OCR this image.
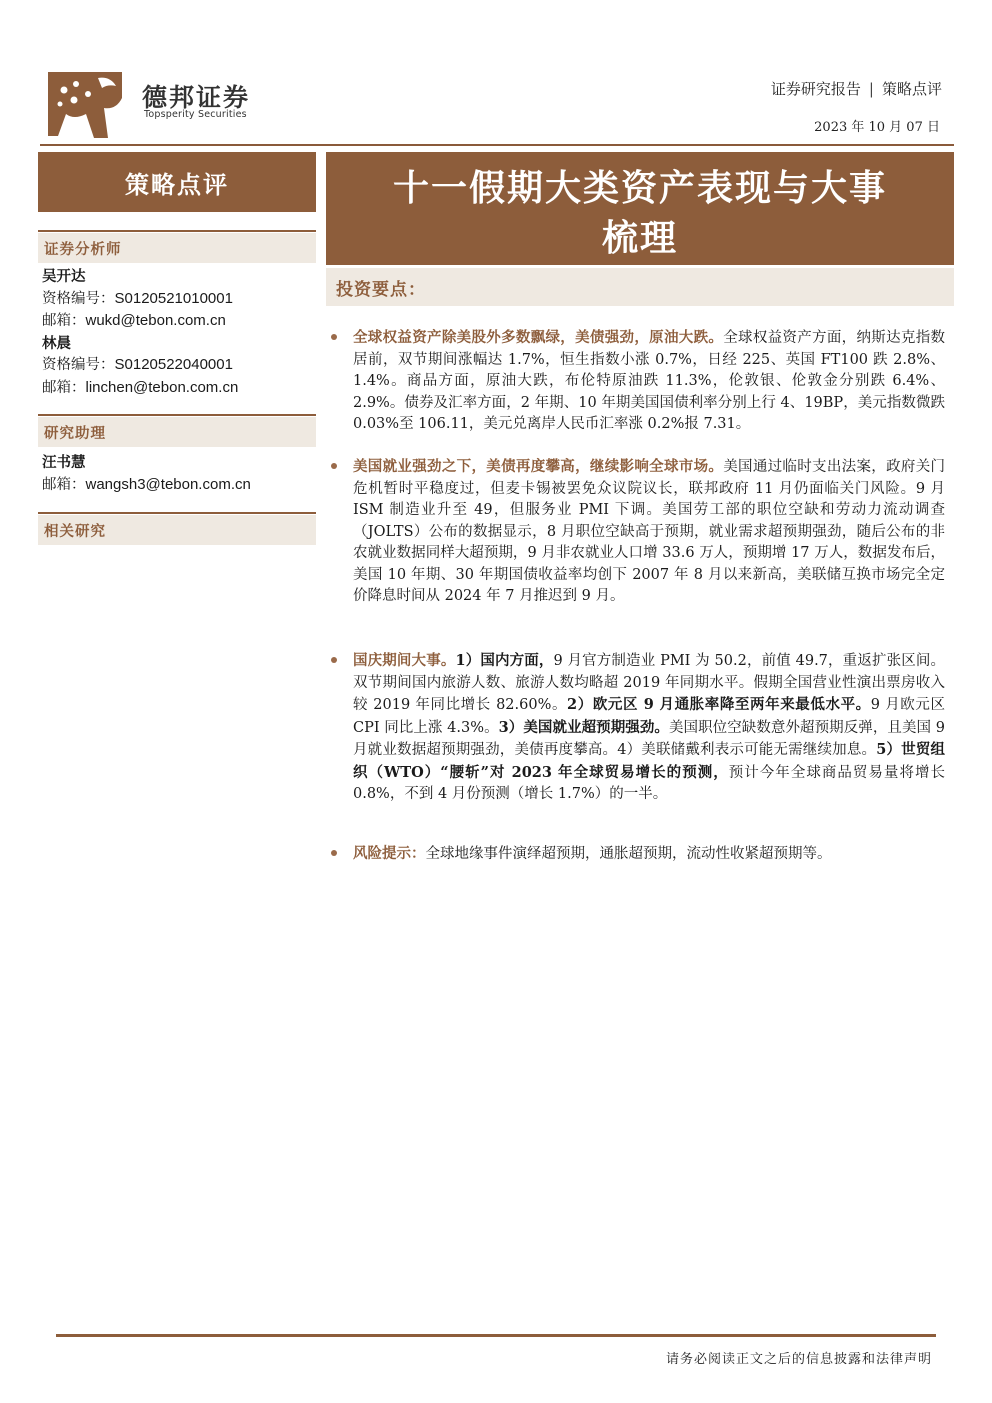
德邦证券
Topsperity Securities
证券研究报告 | 策略点评
2023 年 10 月 07 日
策略点评
证券分析师
吴开达
资格编号：S0120521010001
邮箱：wukd@tebon.com.cn
林晨
资格编号：S0120522040001
邮箱：linchen@tebon.com.cn
研究助理
汪书慧
邮箱：wangsh3@tebon.com.cn
相关研究
十一假期大类资产表现与大事
梳理
投资要点：
全球权益资产除美股外多数飘绿，美债强劲，原油大跌。全球权益资产方面，纳斯达克指数居前，双节期间涨幅达 1.7%，恒生指数小涨 0.7%，日经 225、英国 FT100 跌 2.8%、1.4%。商品方面，原油大跌，布伦特原油跌 11.3%，伦敦银、伦敦金分别跌 6.4%、2.9%。债券及汇率方面，2 年期、10 年期美国国债利率分别上行 4、19BP，美元指数微跌 0.03%至 106.11，美元兑离岸人民币汇率涨 0.2%报 7.31。
美国就业强劲之下，美债再度攀高，继续影响全球市场。美国通过临时支出法案，政府关门危机暂时平稳度过，但麦卡锡被罢免众议院议长，联邦政府 11 月仍面临关门风险。9 月 ISM 制造业升至 49，但服务业 PMI 下调。美国劳工部的职位空缺和劳动力流动调查（JOLTS）公布的数据显示，8 月职位空缺高于预期，就业需求超预期强劲，随后公布的非农就业数据同样大超预期，9 月非农就业人口增 33.6 万人，预期增 17 万人，数据发布后，美国 10 年期、30 年期国债收益率均创下 2007 年 8 月以来新高，美联储互换市场完全定价降息时间从 2024 年 7 月推迟到 9 月。
国庆期间大事。1）国内方面，9 月官方制造业 PMI 为 50.2，前值 49.7，重返扩张区间。双节期间国内旅游人数、旅游人数均略超 2019 年同期水平。假期全国营业性演出票房收入较 2019 年同比增长 82.60%。2）欧元区 9 月通胀率降至两年来最低水平。9 月欧元区 CPI 同比上涨 4.3%。3）美国就业超预期强劲。美国职位空缺数意外超预期反弹，且美国 9 月就业数据超预期强劲，美债再度攀高。4）美联储戴利表示可能无需继续加息。5）世贸组织（WTO）“腰斩”对 2023 年全球贸易增长的预测，预计今年全球商品贸易量将增长 0.8%，不到 4 月份预测（增长 1.7%）的一半。
风险提示：全球地缘事件演绎超预期，通胀超预期，流动性收紧超预期等。
请务必阅读正文之后的信息披露和法律声明
